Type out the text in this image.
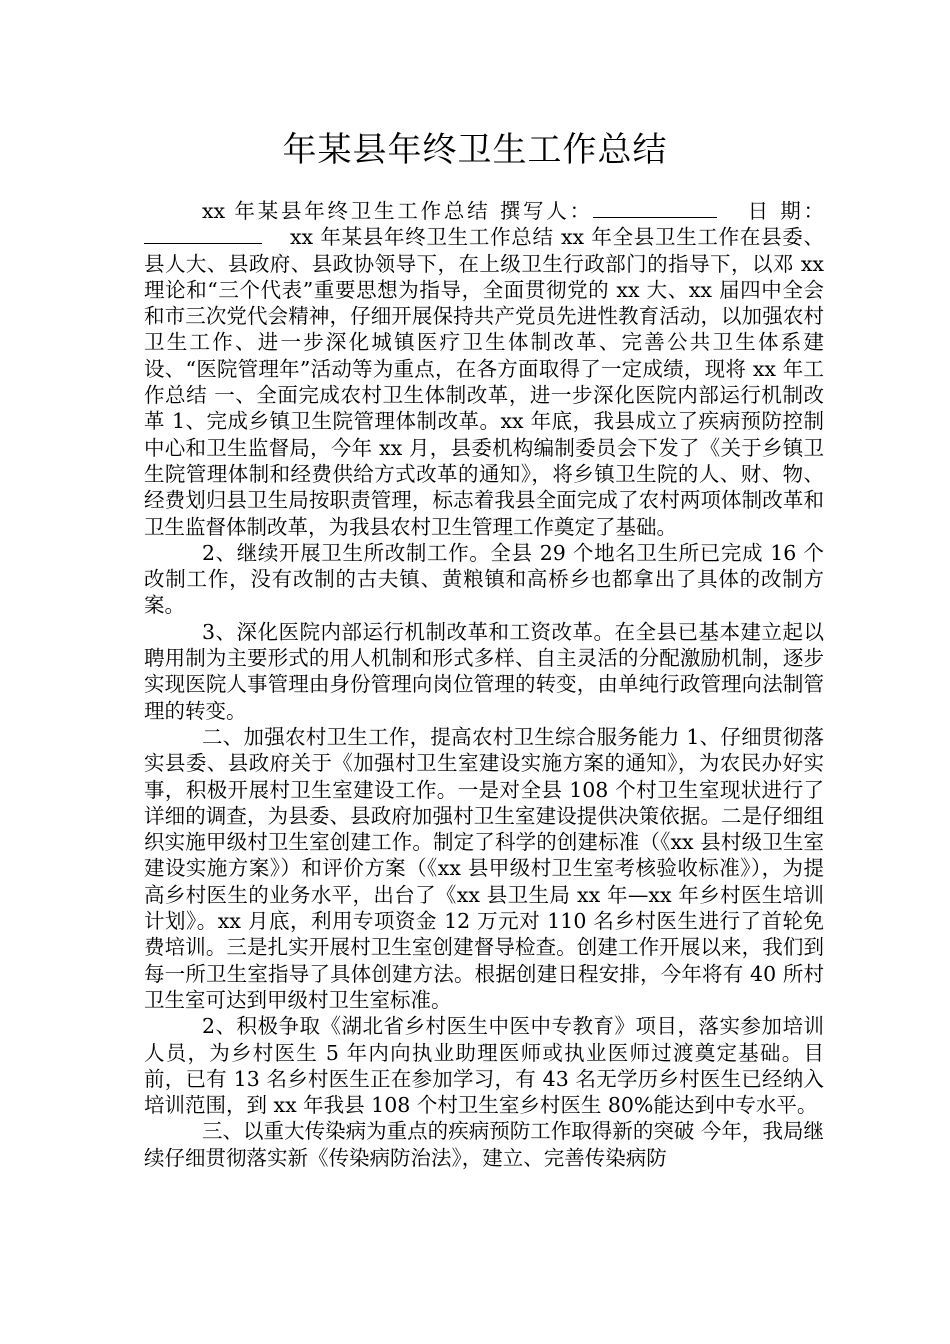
年某县年终卫生工作总结

xx 年某县年终卫生工作总结 撰写人：	日 期：xx 年某县年终卫生工作总结 xx 年全县卫生工作在县委、县人大、县政府、县政协领导下，在上级卫生行政部门的指导下，以邓 xx 理论和“三个代表”重要思想为指导，全面贯彻党的 xx 大、xx 届四中全会和市三次党代会精神，仔细开展保持共产党员先进性教育活动，以加强农村卫生工作、进一步深化城镇医疗卫生体制改革、完善公共卫生体系建设、“医院管理年”活动等为重点，在各方面取得了一定成绩，现将 xx 年工作总结 一、全面完成农村卫生体制改革，进一步深化医院内部运行机制改革 1、完成乡镇卫生院管理体制改革。xx 年底，我县成立了疾病预防控制中心和卫生监督局，今年 xx 月，县委机构编制委员会下发了《关于乡镇卫生院管理体制和经费供给方式改革的通知》，将乡镇卫生院的人、财、物、经费划归县卫生局按职责管理，标志着我县全面完成了农村两项体制改革和卫生监督体制改革，为我县农村卫生管理工作奠定了基础。

2、继续开展卫生所改制工作。全县 29 个地名卫生所已完成 16 个改制工作，没有改制的古夫镇、黄粮镇和高桥乡也都拿出了具体的改制方案。

3、深化医院内部运行机制改革和工资改革。在全县已基本建立起以聘用制为主要形式的用人机制和形式多样、自主灵活的分配激励机制，逐步实现医院人事管理由身份管理向岗位管理的转变，由单纯行政管理向法制管理的转变。

二、加强农村卫生工作，提高农村卫生综合服务能力 1、仔细贯彻落实县委、县政府关于《加强村卫生室建设实施方案的通知》，为农民办好实事，积极开展村卫生室建设工作。一是对全县 108 个村卫生室现状进行了详细的调查，为县委、县政府加强村卫生室建设提供决策依据。二是仔细组织实施甲级村卫生室创建工作。制定了科学的创建标准（《xx 县村级卫生室建设实施方案》）和评价方案（《xx 县甲级村卫生室考核验收标准》），为提高乡村医生的业务水平，出台了《xx 县卫生局 xx 年—xx 年乡村医生培训计划》。xx 月底，利用专项资金 12 万元对 110 名乡村医生进行了首轮免费培训。三是扎实开展村卫生室创建督导检查。创建工作开展以来，我们到每一所卫生室指导了具体创建方法。根据创建日程安排，今年将有 40 所村卫生室可达到甲级村卫生室标准。

2、积极争取《湖北省乡村医生中医中专教育》项目，落实参加培训人员，为乡村医生 5 年内向执业助理医师或执业医师过渡奠定基础。目前，已有 13 名乡村医生正在参加学习，有 43 名无学历乡村医生已经纳入培训范围，到 xx 年我县 108 个村卫生室乡村医生 80%能达到中专水平。

三、以重大传染病为重点的疾病预防工作取得新的突破 今年，我局继续仔细贯彻落实新《传染病防治法》，建立、完善传染病防
